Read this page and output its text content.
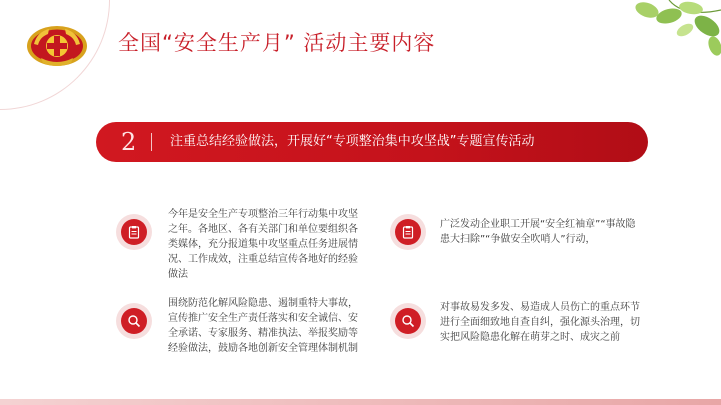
全国“安全生产月” 活动主要内容
2	注重总结经验做法，开展好“专项整治集中攻坚战”专题宣传活动
今年是安全生产专项整治三年行动集中攻坚之年。各地区、各有关部门和单位要组织各类媒体，充分报道集中攻坚重点任务进展情况、工作成效，注重总结宣传各地好的经验做法
广泛发动企业职工开展“安全红袖章”“事故隐患大扫除”“争做安全吹哨人”行动，
围绕防范化解风险隐患、遏制重特大事故，宣传推广安全生产责任落实和安全诚信、安全承诺、专家服务、精准执法、举报奖励等经验做法，鼓励各地创新安全管理体制机制
对事故易发多发、易造成人员伤亡的重点环节进行全面细致地自查自纠，强化源头治理，切实把风险隐患化解在萌芽之时、成灾之前
